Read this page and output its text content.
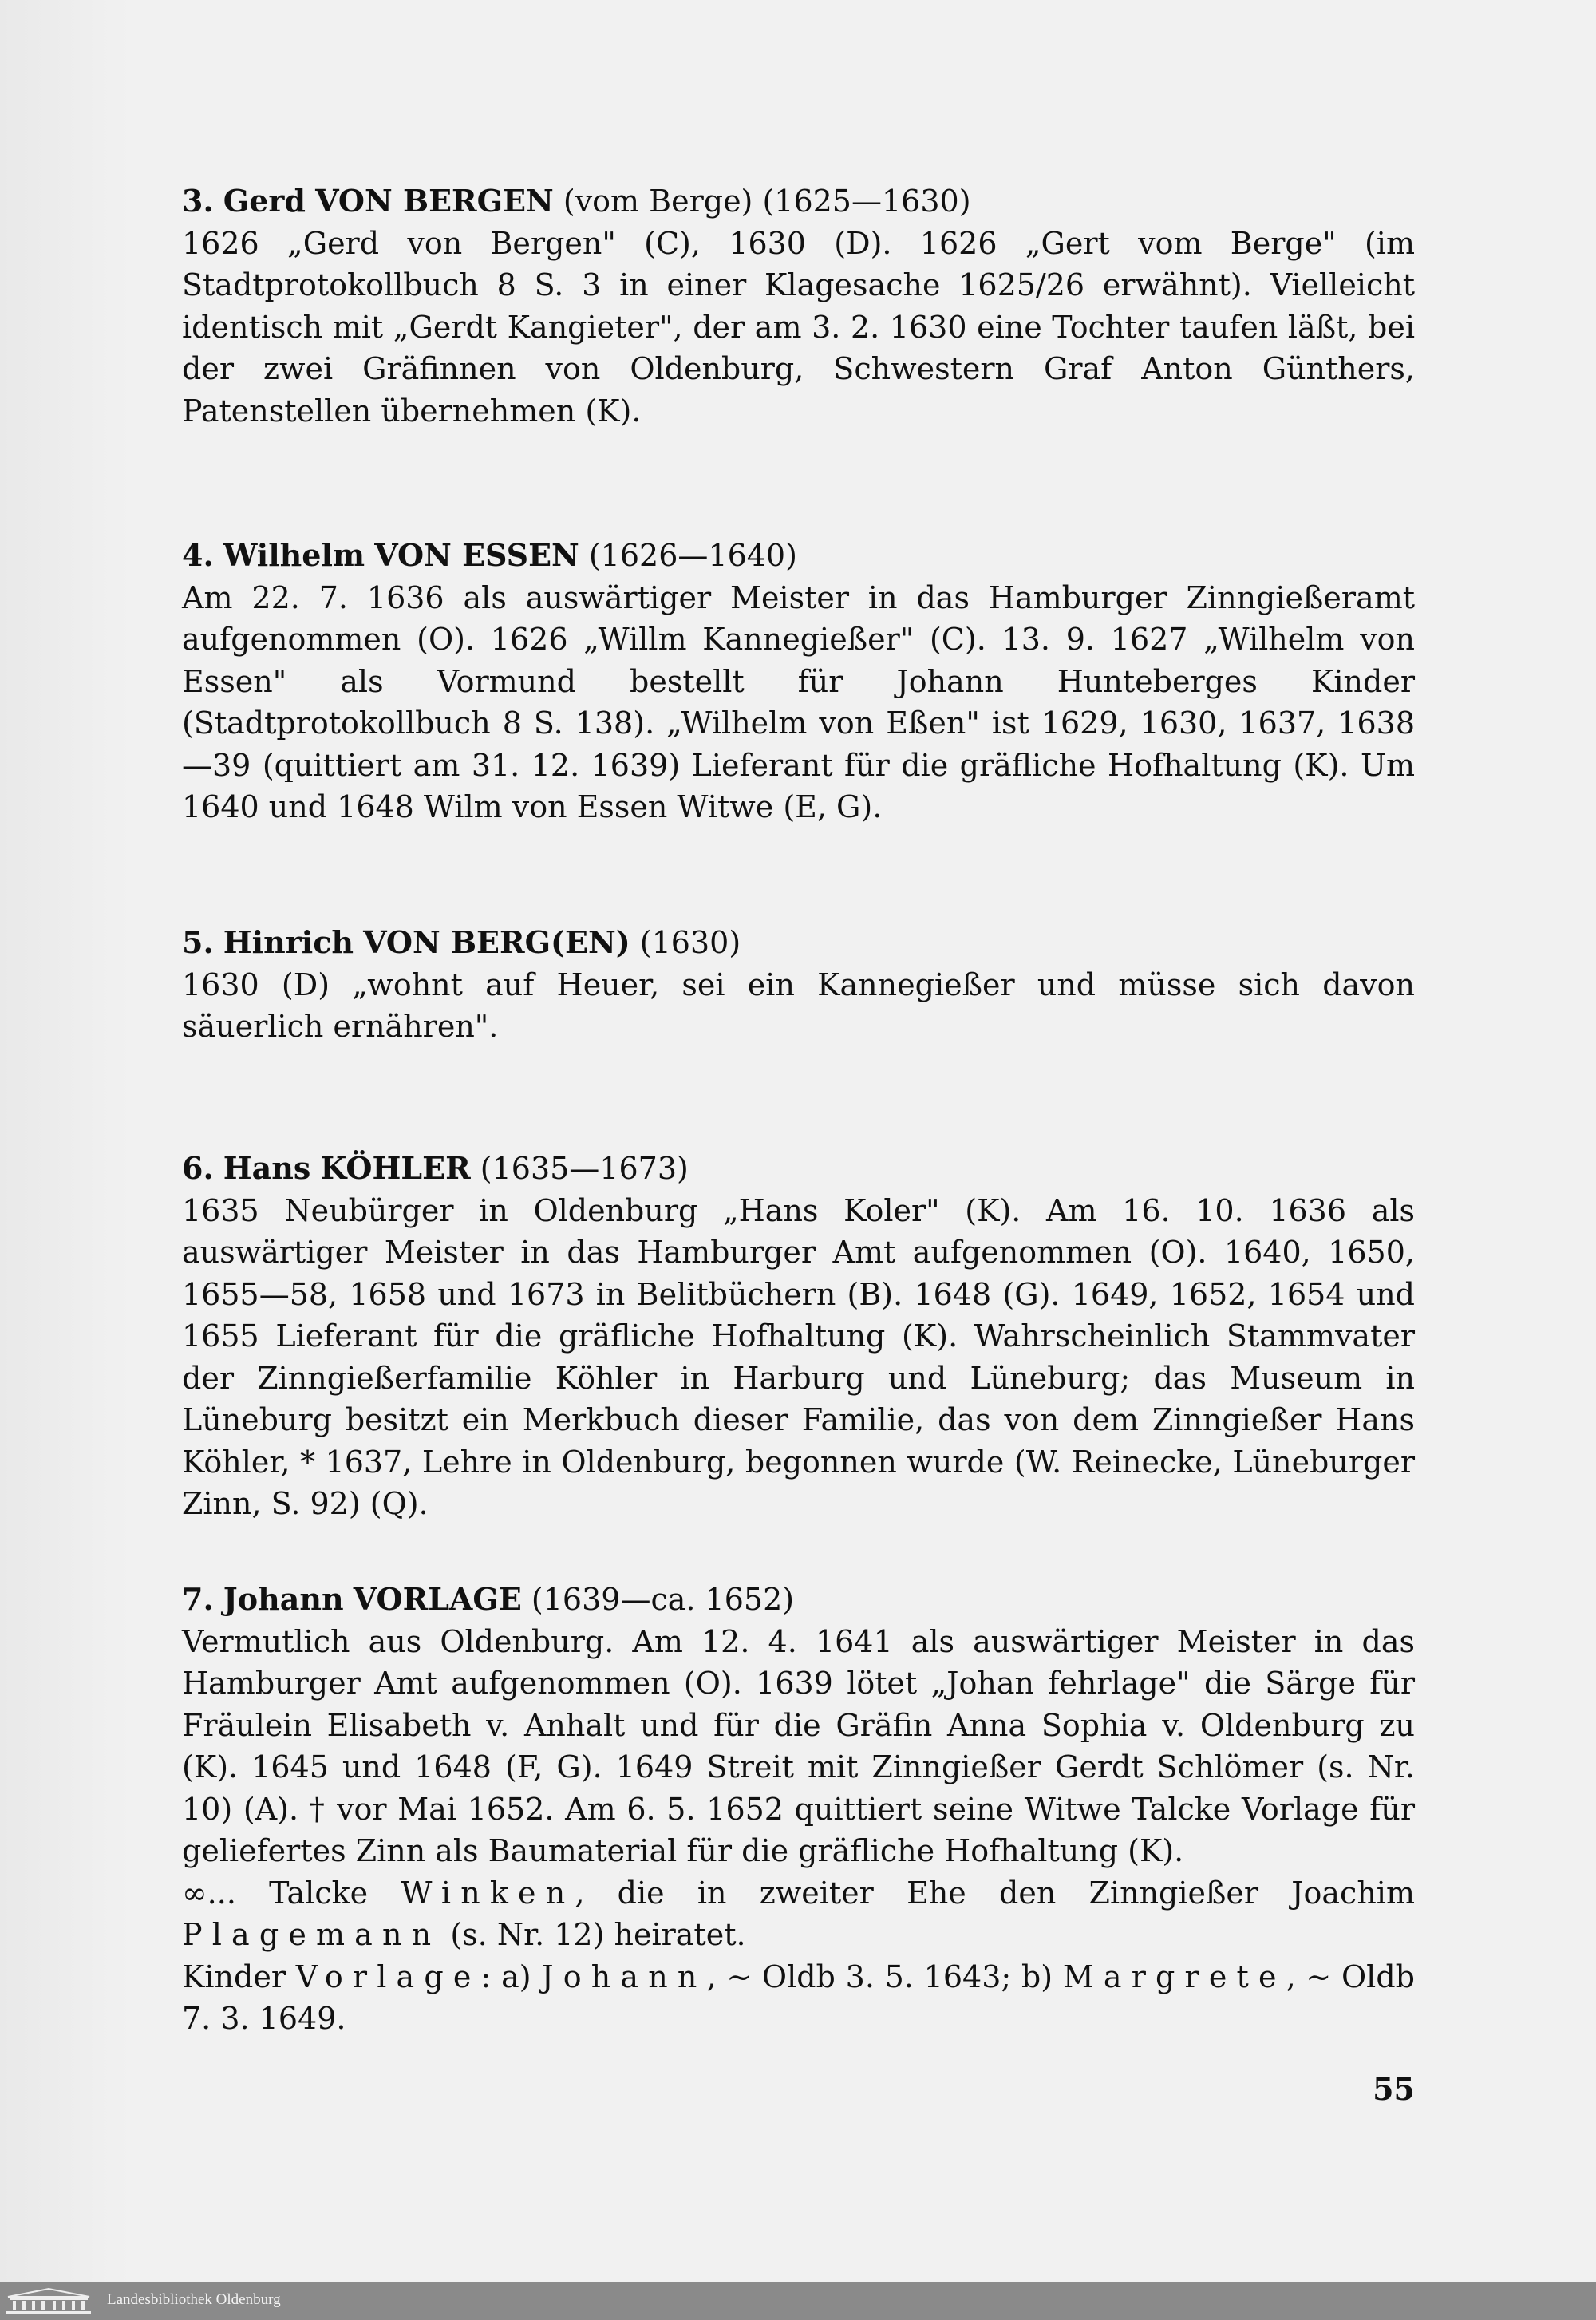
3. Gerd VON BERGEN (vom Berge) (1625—1630)

1626 „Gerd von Bergen" (C), 1630 (D). 1626 „Gert vom Berge" (im Stadtprotokollbuch 8 S. 3 in einer Klagesache 1625/26 erwähnt). Vielleicht identisch mit „Gerdt Kangieter", der am 3. 2. 1630 eine Tochter taufen läßt, bei der zwei Gräfinnen von Oldenburg, Schwestern Graf Anton Günthers, Patenstellen übernehmen (K).

4. Wilhelm VON ESSEN (1626—1640)

Am 22. 7. 1636 als auswärtiger Meister in das Hamburger Zinngießeramt aufgenommen (O). 1626 „Willm Kannegießer" (C). 13. 9. 1627 „Wilhelm von Essen" als Vormund bestellt für Johann Hunteberges Kinder (Stadtprotokollbuch 8 S. 138). „Wilhelm von Eßen" ist 1629, 1630, 1637, 1638—39 (quittiert am 31. 12. 1639) Lieferant für die gräfliche Hofhaltung (K). Um 1640 und 1648 Wilm von Essen Witwe (E, G).

5. Hinrich VON BERG(EN) (1630)

1630 (D) „wohnt auf Heuer, sei ein Kannegießer und müsse sich davon säuerlich ernähren".

6. Hans KÖHLER (1635—1673)

1635 Neubürger in Oldenburg „Hans Koler" (K). Am 16. 10. 1636 als auswärtiger Meister in das Hamburger Amt aufgenommen (O). 1640, 1650, 1655—58, 1658 und 1673 in Belitbüchern (B). 1648 (G). 1649, 1652, 1654 und 1655 Lieferant für die gräfliche Hofhaltung (K). Wahrscheinlich Stammvater der Zinngießerfamilie Köhler in Harburg und Lüneburg; das Museum in Lüneburg besitzt ein Merkbuch dieser Familie, das von dem Zinngießer Hans Köhler, * 1637, Lehre in Oldenburg, begonnen wurde (W. Reinecke, Lüneburger Zinn, S. 92) (Q).

7. Johann VORLAGE (1639—ca. 1652)

Vermutlich aus Oldenburg. Am 12. 4. 1641 als auswärtiger Meister in das Hamburger Amt aufgenommen (O). 1639 lötet „Johan fehrlage" die Särge für Fräulein Elisabeth v. Anhalt und für die Gräfin Anna Sophia v. Oldenburg zu (K). 1645 und 1648 (F, G). 1649 Streit mit Zinngießer Gerdt Schlömer (s. Nr. 10) (A). † vor Mai 1652. Am 6. 5. 1652 quittiert seine Witwe Talcke Vorlage für geliefertes Zinn als Baumaterial für die gräfliche Hofhaltung (K).

∞... Talcke Winken, die in zweiter Ehe den Zinngießer Joachim Plagemann (s. Nr. 12) heiratet.

Kinder Vorlage: a) Johann, ~ Oldb 3. 5. 1643; b) Margrete, ~ Oldb 7. 3. 1649.

55
Landesbibliothek Oldenburg
